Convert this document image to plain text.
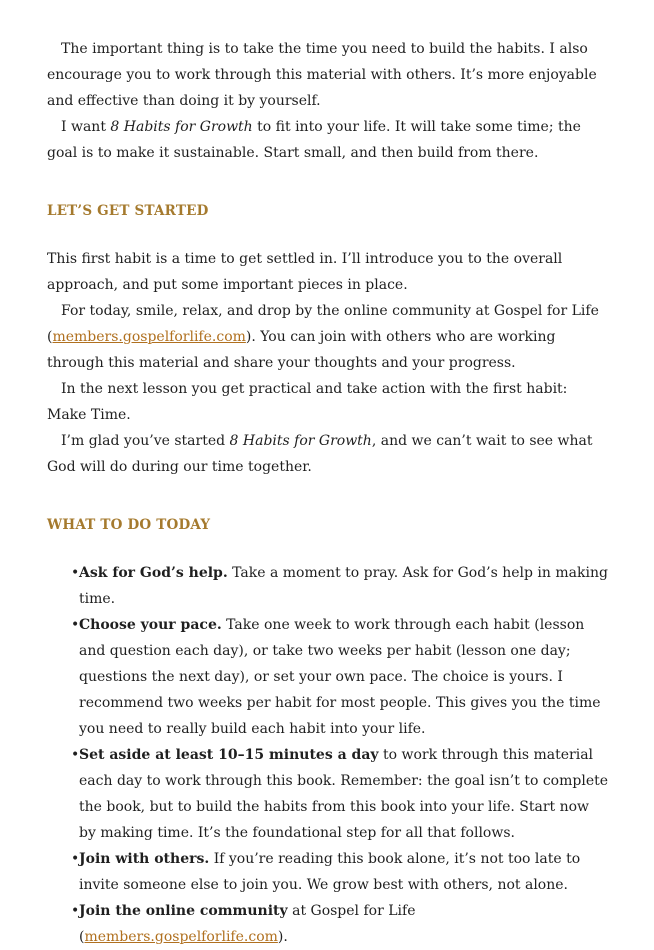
The important thing is to take the time you need to build the habits. I also encourage you to work through this material with others. It’s more enjoyable and effective than doing it by yourself.

I want 8 Habits for Growth to fit into your life. It will take some time; the goal is to make it sustainable. Start small, and then build from there.

LET’S GET STARTED

This first habit is a time to get settled in. I’ll introduce you to the overall approach, and put some important pieces in place.

For today, smile, relax, and drop by the online community at Gospel for Life (members.gospelforlife.com). You can join with others who are working through this material and share your thoughts and your progress.

In the next lesson you get practical and take action with the first habit: Make Time.

I’m glad you’ve started 8 Habits for Growth, and we can’t wait to see what God will do during our time together.

WHAT TO DO TODAY
•Ask for God’s help. Take a moment to pray. Ask for God’s help in making time.
•Choose your pace. Take one week to work through each habit (lesson and question each day), or take two weeks per habit (lesson one day; questions the next day), or set your own pace. The choice is yours. I recommend two weeks per habit for most people. This gives you the time you need to really build each habit into your life.
•Set aside at least 10–15 minutes a day to work through this material each day to work through this book. Remember: the goal isn’t to complete the book, but to build the habits from this book into your life. Start now by making time. It’s the foundational step for all that follows.
•Join with others. If you’re reading this book alone, it’s not too late to invite someone else to join you. We grow best with others, not alone.
•Join the online community at Gospel for Life (members.gospelforlife.com).
